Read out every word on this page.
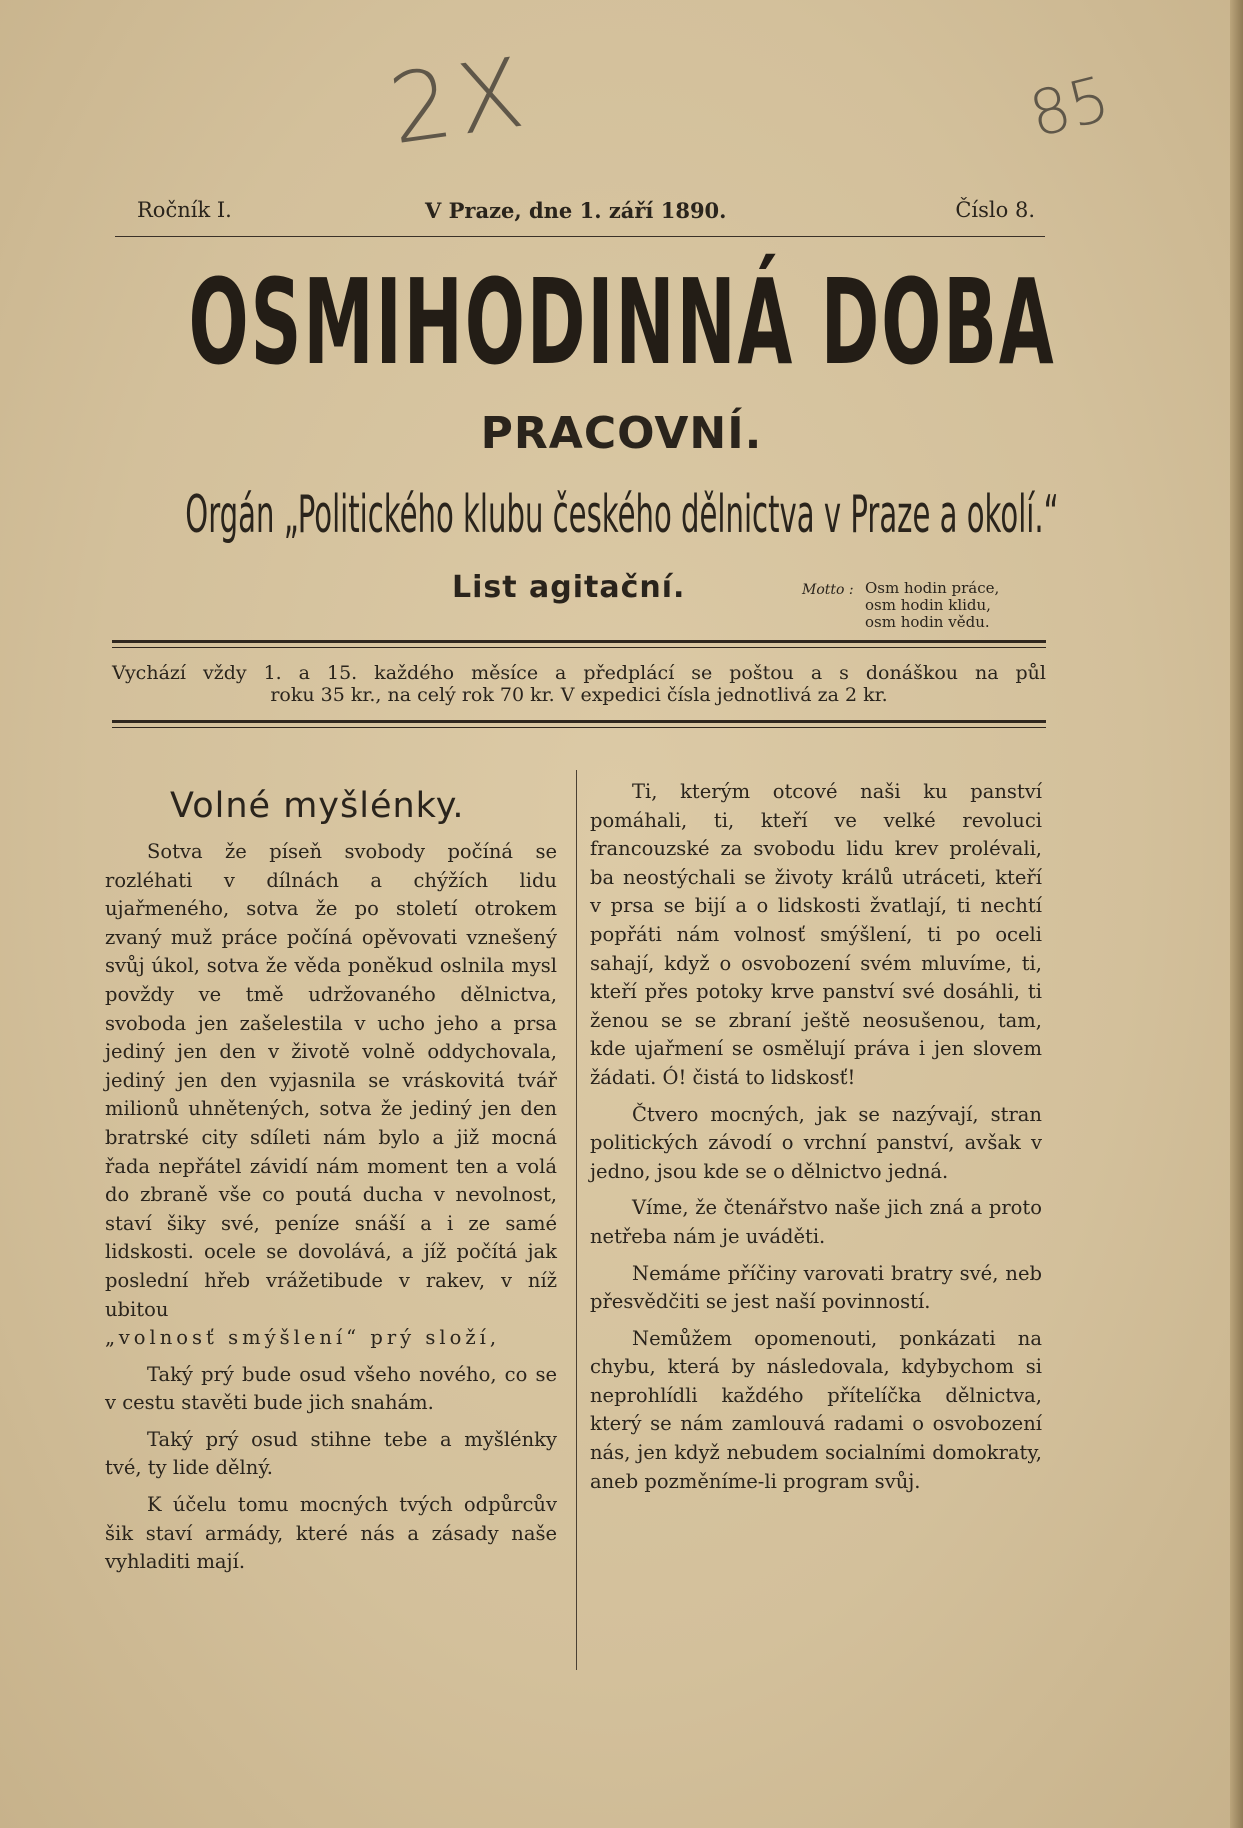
2X	85
Ročník I.	V Praze, dne 1. září 1890.	Číslo 8.
OSMIHODINNÁ DOBA
PRACOVNÍ.
Orgán „Politického klubu českého dělnictva v Praze a okolí.“
List agitační.	Motto : Osm hodin práce,
osm hodin klidu,
osm hodin vědu.
Vychází vždy 1. a 15. každého měsíce a předplácí se poštou a s donáškou na půl
roku 35 kr., na celý rok 70 kr. V expedici čísla jednotlivá za 2 kr.
Volné myšlénky.

Sotva že píseň svobody počíná se rozléhati v dílnách a chýžích lidu ujařmeného, sotva že po století otrokem zvaný muž práce počíná opěvovati vznešený svůj úkol, sotva že věda poněkud oslnila mysl povždy ve tmě udržovaného dělnictva, svoboda jen zašelestila v ucho jeho a prsa jediný jen den v životě volně oddychovala, jediný jen den vyjasnila se vráskovitá tvář milionů uhnětených, sotva že jediný jen den bratrské city sdíleti nám bylo a již mocná řada nepřátel závidí nám moment ten a volá do zbraně vše co poutá ducha v nevolnost, staví šiky své, peníze snáší a i ze samé lidskosti. ocele se dovolává, a jíž počítá jak poslední hřeb vrážetibude v rakev, v níž ubitou

„volnosť smýšlení“ prý složí,

Taký prý bude osud všeho nového, co se v cestu stavěti bude jich snahám.

Taký prý osud stihne tebe a myšlénky tvé, ty lide dělný.

K účelu tomu mocných tvých odpůrcův šik staví armády, které nás a zásady naše vyhladiti mají.

Ti, kterým otcové naši ku panství pomáhali, ti, kteří ve velké revoluci francouzské za svobodu lidu krev prolévali, ba neostýchali se životy králů utráceti, kteří v prsa se bijí a o lidskosti žvatlají, ti nechtí popřáti nám volnosť smýšlení, ti po oceli sahají, když o osvobození svém mluvíme, ti, kteří přes potoky krve panství své dosáhli, ti ženou se se zbraní ještě neosušenou, tam, kde ujařmení se osmělují práva i jen slovem žádati. Ó! čistá to lidskosť!

Čtvero mocných, jak se nazývají, stran politických závodí o vrchní panství, avšak v jedno, jsou kde se o dělnictvo jedná.

Víme, že čtenářstvo naše jich zná a proto netřeba nám je uváděti.

Nemáme příčiny varovati bratry své, neb přesvědčiti se jest naší povinností.

Nemůžem opomenouti, ponkázati na chybu, která by následovala, kdybychom si neprohlídli každého přítelíčka dělnictva, který se nám zamlouvá radami o osvobození nás, jen když nebudem socialními domokraty, aneb pozměníme-li program svůj.
